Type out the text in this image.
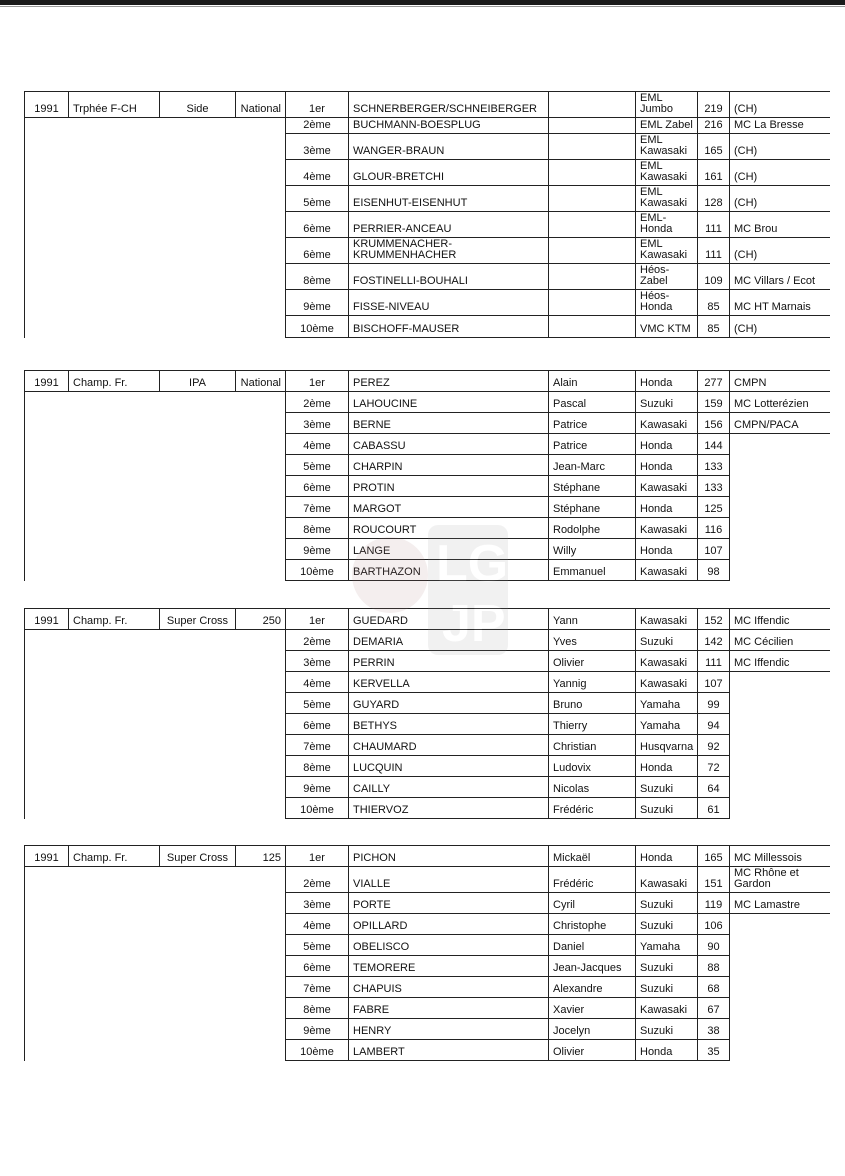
1991	Trphée F-CH	Side	National	1er	SCHNERBERGER/SCHNEIBERGER		EML Jumbo	219	(CH)
				2ème	BUCHMANN-BOESPLUG		EML Zabel	216	MC La Bresse
				3ème	WANGER-BRAUN		EML Kawasaki	165	(CH)
				4ème	GLOUR-BRETCHI		EML Kawasaki	161	(CH)
				5ème	EISENHUT-EISENHUT		EML Kawasaki	128	(CH)
				6ème	PERRIER-ANCEAU		EML-Honda	111	MC Brou
				6ème	KRUMMENACHER-KRUMMENHACHER		EML Kawasaki	111	(CH)
				8ème	FOSTINELLI-BOUHALI		Héos-Zabel	109	MC Villars / Ecot
				9ème	FISSE-NIVEAU		Héos-Honda	85	MC HT Marnais
				10ème	BISCHOFF-MAUSER		VMC KTM	85	(CH)
1991	Champ. Fr.	IPA	National	1er	PEREZ	Alain	Honda	277	CMPN
				2ème	LAHOUCINE	Pascal	Suzuki	159	MC Lotterézien
				3ème	BERNE	Patrice	Kawasaki	156	CMPN/PACA
				4ème	CABASSU	Patrice	Honda	144	
				5ème	CHARPIN	Jean-Marc	Honda	133	
				6ème	PROTIN	Stéphane	Kawasaki	133	
				7ème	MARGOT	Stéphane	Honda	125	
				8ème	ROUCOURT	Rodolphe	Kawasaki	116	
				9ème	LANGE	Willy	Honda	107	
				10ème	BARTHAZON	Emmanuel	Kawasaki	98	
1991	Champ. Fr.	Super Cross	250	1er	GUEDARD	Yann	Kawasaki	152	MC Iffendic
				2ème	DEMARIA	Yves	Suzuki	142	MC Cécilien
				3ème	PERRIN	Olivier	Kawasaki	111	MC Iffendic
				4ème	KERVELLA	Yannig	Kawasaki	107	
				5ème	GUYARD	Bruno	Yamaha	99	
				6ème	BETHYS	Thierry	Yamaha	94	
				7ème	CHAUMARD	Christian	Husqvarna	92	
				8ème	LUCQUIN	Ludovix	Honda	72	
				9ème	CAILLY	Nicolas	Suzuki	64	
				10ème	THIERVOZ	Frédéric	Suzuki	61	
1991	Champ. Fr.	Super Cross	125	1er	PICHON	Mickaël	Honda	165	MC Millessois
				2ème	VIALLE	Frédéric	Kawasaki	151	MC Rhône et Gardon
				3ème	PORTE	Cyril	Suzuki	119	MC Lamastre
				4ème	OPILLARD	Christophe	Suzuki	106	
				5ème	OBELISCO	Daniel	Yamaha	90	
				6ème	TEMORERE	Jean-Jacques	Suzuki	88	
				7ème	CHAPUIS	Alexandre	Suzuki	68	
				8ème	FABRE	Xavier	Kawasaki	67	
				9ème	HENRY	Jocelyn	Suzuki	38	
				10ème	LAMBERT	Olivier	Honda	35	
LG
JP
